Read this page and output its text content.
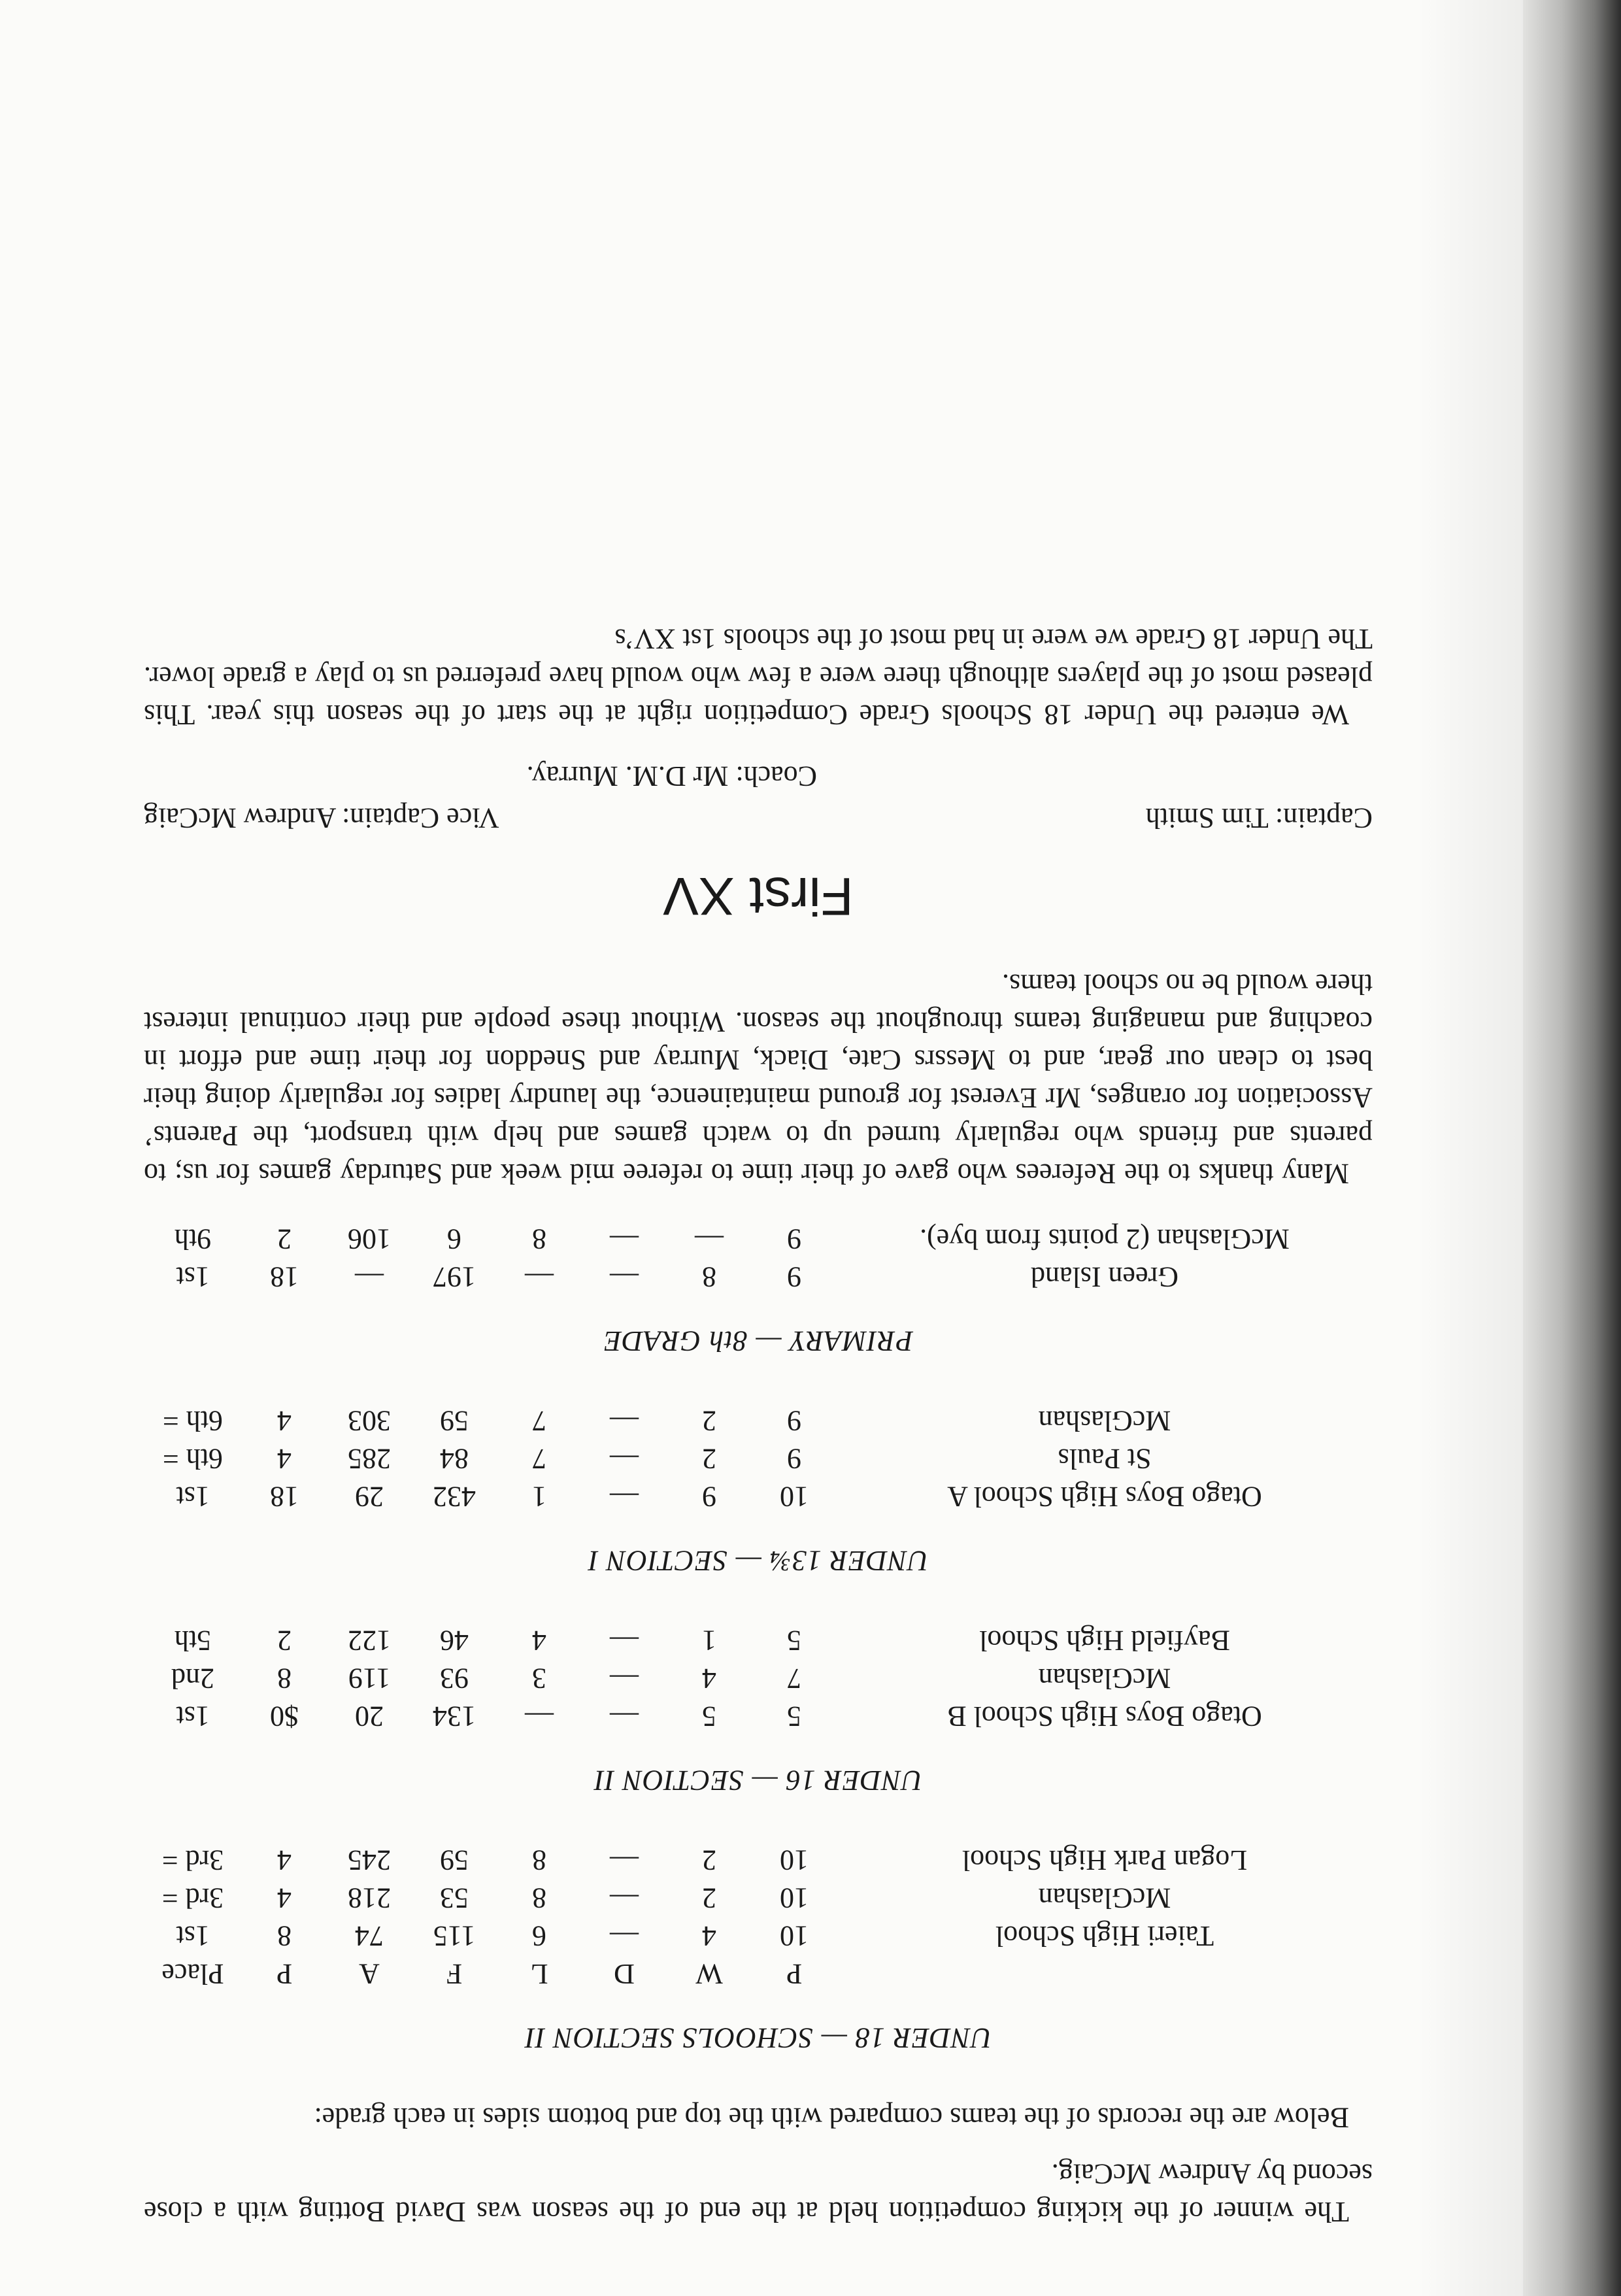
The winner of the kicking competition held at the end of the season was David Botting with a close second by Andrew McCaig.

Below are the records of the teams compared with the top and bottom sides in each grade:

UNDER 18 — SCHOOLS SECTION II
	P	W	D	L	F	A	P	Place
Taieri High School	10	4	—	6	115	74	8	1st
McGlashan	10	2	—	8	53	218	4	3rd =
Logan Park High School	10	2	—	8	59	245	4	3rd =
UNDER 16 — SECTION II
Otago Boys High School B	5	5	—	—	134	20	$0	1st
McGlashan	7	4	—	3	93	119	8	2nd
Bayfield High School	5	1	—	4	46	122	2	5th
UNDER 13¾ — SECTION I
Otago Boys High School A	10	9	—	1	432	29	18	1st
St Pauls	9	2	—	7	84	285	4	6th =
McGlashan	9	2	—	7	59	303	4	6th =
PRIMARY — 8th GRADE
Green Island	9	8	—	—	197	—	18	1st
McGlashan (2 points from bye).	9	—	—	8	6	106	2	9th

Many thanks to the Referees who gave of their time to referee mid week and Saturday games for us; to parents and friends who regularly turned up to watch games and help with transport, the Parents’ Association for oranges, Mr Everest for ground maintainence, the laundry ladies for regularly doing their best to clean our gear, and to Messrs Cate, Diack, Murray and Sneddon for their time and effort in coaching and managing teams throughout the season. Without these people and their continual interest there would be no school teams.

First XV
Captain: Tim Smith
Vice Captain: Andrew McCaig
Coach: Mr D.M. Murray.

We entered the Under 18 Schools Grade Competition right at the start of the season this year. This pleased most of the players although there were a few who would have preferred us to play a grade lower. The Under 18 Grade we were in had most of the schools 1st XV’s
